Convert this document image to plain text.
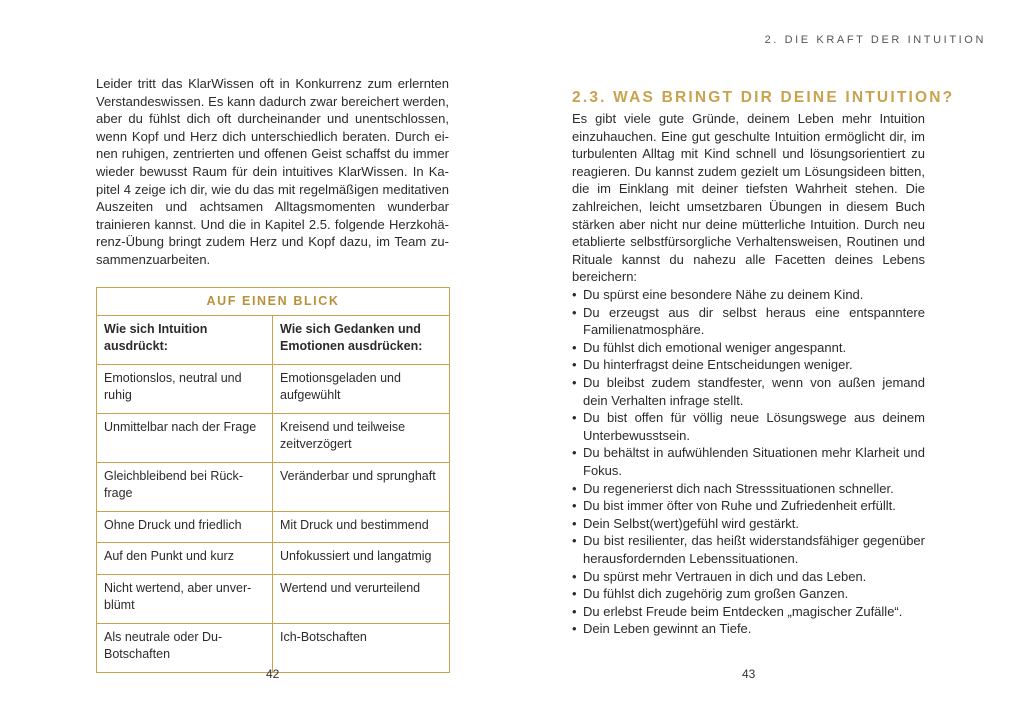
Leider tritt das KlarWissen oft in Konkurrenz zum erlernten Verstandeswissen. Es kann dadurch zwar bereichert werden, aber du fühlst dich oft durcheinander und unentschlossen, wenn Kopf und Herz dich unterschiedlich beraten. Durch einen ruhigen, zentrierten und offenen Geist schaffst du immer wieder bewusst Raum für dein intuitives KlarWissen. In Kapitel 4 zeige ich dir, wie du das mit regelmäßigen meditativen Auszeiten und achtsamen Alltagsmomenten wunderbar trainieren kannst. Und die in Kapitel 2.5. folgende Herzkohärenz-Übung bringt zudem Herz und Kopf dazu, im Team zusammenzuarbeiten.

AUF EINEN BLICK	
Wie sich Intuition ausdrückt:	Wie sich Gedanken und Emotionen ausdrücken:
Emotionslos, neutral und ruhig	Emotionsgeladen und aufgewühlt
Unmittelbar nach der Frage	Kreisend und teilweise zeitverzögert
Gleichbleibend bei Rückfrage	Veränderbar und sprunghaft
Ohne Druck und friedlich	Mit Druck und bestimmend
Auf den Punkt und kurz	Unfokussiert und langatmig
Nicht wertend, aber unverblümt	Wertend und verurteilend
Als neutrale oder Du-Botschaften	Ich-Botschaften
42
2. DIE KRAFT DER INTUITION
2.3. WAS BRINGT DIR DEINE INTUITION?

Es gibt viele gute Gründe, deinem Leben mehr Intuition einzuhauchen. Eine gut geschulte Intuition ermöglicht dir, im turbulenten Alltag mit Kind schnell und lösungsorientiert zu reagieren. Du kannst zudem gezielt um Lösungsideen bitten, die im Einklang mit deiner tiefsten Wahrheit stehen. Die zahlreichen, leicht umsetzbaren Übungen in diesem Buch stärken aber nicht nur deine mütterliche Intuition. Durch neu etablierte selbstfürsorgliche Verhaltensweisen, Routinen und Rituale kannst du nahezu alle Facetten deines Lebens bereichern:

• Du spürst eine besondere Nähe zu deinem Kind.
• Du erzeugst aus dir selbst heraus eine entspanntere Familienatmosphäre.
• Du fühlst dich emotional weniger angespannt.
• Du hinterfragst deine Entscheidungen weniger.
• Du bleibst zudem standfester, wenn von außen jemand dein Verhalten infrage stellt.
• Du bist offen für völlig neue Lösungswege aus deinem Unterbewusstsein.
• Du behältst in aufwühlenden Situationen mehr Klarheit und Fokus.
• Du regenerierst dich nach Stresssituationen schneller.
• Du bist immer öfter von Ruhe und Zufriedenheit erfüllt.
• Dein Selbst(wert)gefühl wird gestärkt.
• Du bist resilienter, das heißt widerstandsfähiger gegenüber herausfordernden Lebenssituationen.
• Du spürst mehr Vertrauen in dich und das Leben.
• Du fühlst dich zugehörig zum großen Ganzen.
• Du erlebst Freude beim Entdecken „magischer Zufälle“.
• Dein Leben gewinnt an Tiefe.
43
